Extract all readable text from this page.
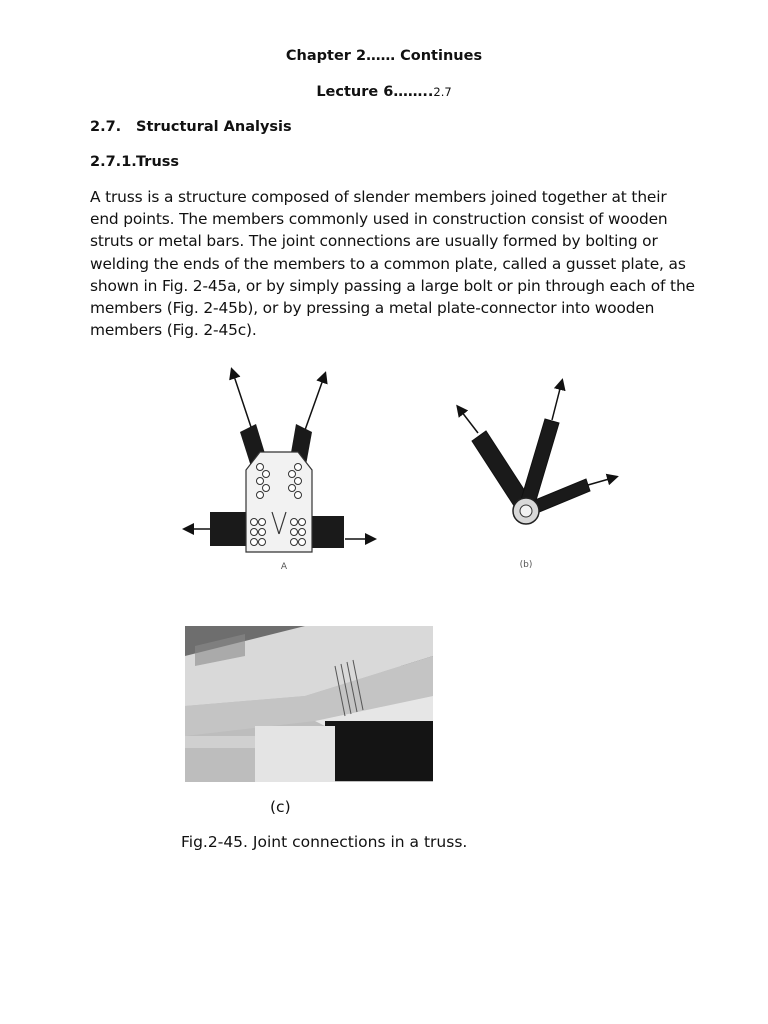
Chapter 2…… Continues
Lecture 6……..2.7
2.7. Structural Analysis
2.7.1.Truss
A truss is a structure composed of slender members joined together at their
end points. The members commonly used in construction consist of wooden
struts or metal bars. The joint connections are usually formed by bolting or
welding the ends of the members to a common plate, called a gusset plate, as
shown in Fig. 2-45a, or by simply passing a large bolt or pin through each of the
members (Fig. 2-45b), or by pressing a metal plate-connector into wooden
members (Fig. 2-45c).
A	(b)
(c)
Fig.2-45. Joint connections in a truss.
